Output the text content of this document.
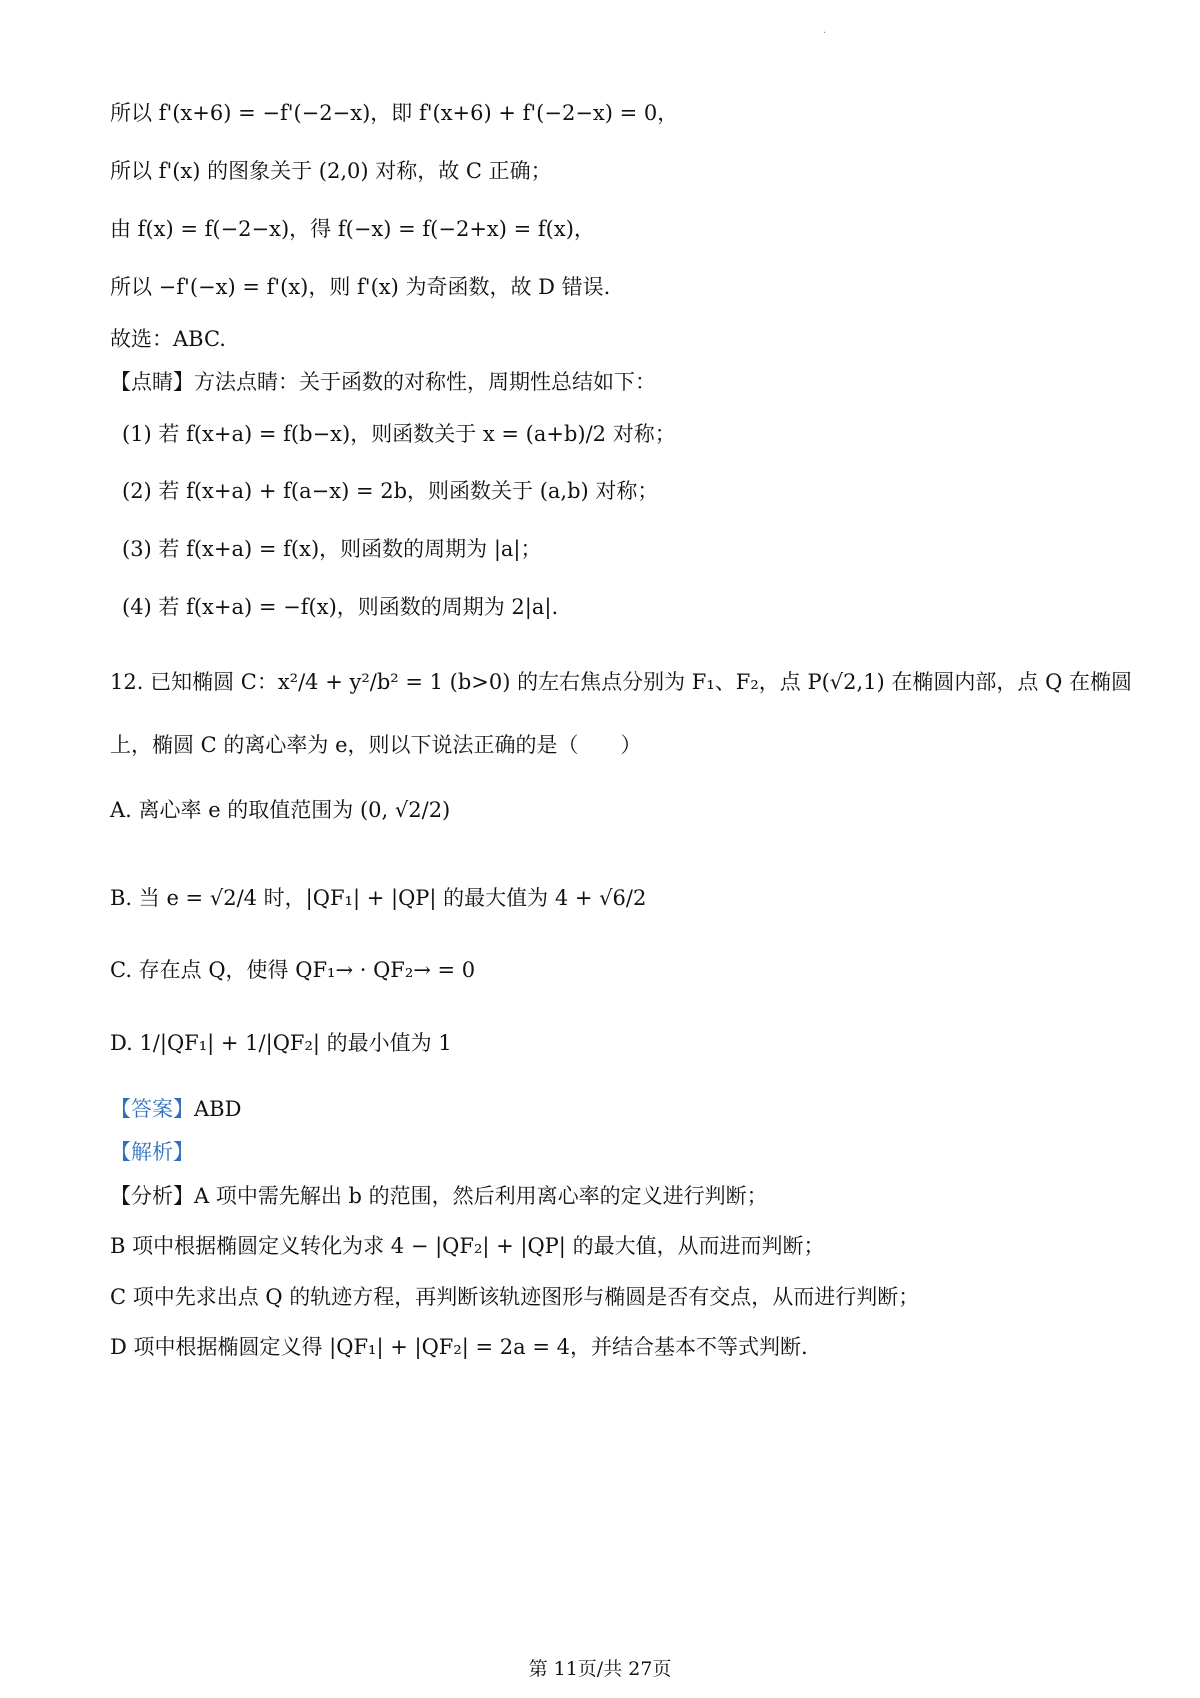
·
所以 f'(x+6) = −f'(−2−x)，即 f'(x+6) + f'(−2−x) = 0，
所以 f'(x) 的图象关于 (2,0) 对称，故 C 正确；
由 f(x) = f(−2−x)，得 f(−x) = f(−2+x) = f(x)，
所以 −f'(−x) = f'(x)，则 f'(x) 为奇函数，故 D 错误.
故选：ABC.
【点睛】方法点睛：关于函数的对称性，周期性总结如下：
(1) 若 f(x+a) = f(b−x)，则函数关于 x = (a+b)/2 对称；
(2) 若 f(x+a) + f(a−x) = 2b，则函数关于 (a,b) 对称；
(3) 若 f(x+a) = f(x)，则函数的周期为 |a|；
(4) 若 f(x+a) = −f(x)，则函数的周期为 2|a|.
12. 已知椭圆 C：x²/4 + y²/b² = 1 (b>0) 的左右焦点分别为 F₁、F₂，点 P(√2,1) 在椭圆内部，点 Q 在椭圆
上，椭圆 C 的离心率为 e，则以下说法正确的是（　　）
A. 离心率 e 的取值范围为 (0, √2/2)
B. 当 e = √2/4 时，|QF₁| + |QP| 的最大值为 4 + √6/2
C. 存在点 Q，使得 QF₁→ · QF₂→ = 0
D. 1/|QF₁| + 1/|QF₂| 的最小值为 1
【答案】ABD
【解析】
【分析】A 项中需先解出 b 的范围，然后利用离心率的定义进行判断；
B 项中根据椭圆定义转化为求 4 − |QF₂| + |QP| 的最大值，从而进而判断；
C 项中先求出点 Q 的轨迹方程，再判断该轨迹图形与椭圆是否有交点，从而进行判断；
D 项中根据椭圆定义得 |QF₁| + |QF₂| = 2a = 4，并结合基本不等式判断.
第 11页/共 27页
